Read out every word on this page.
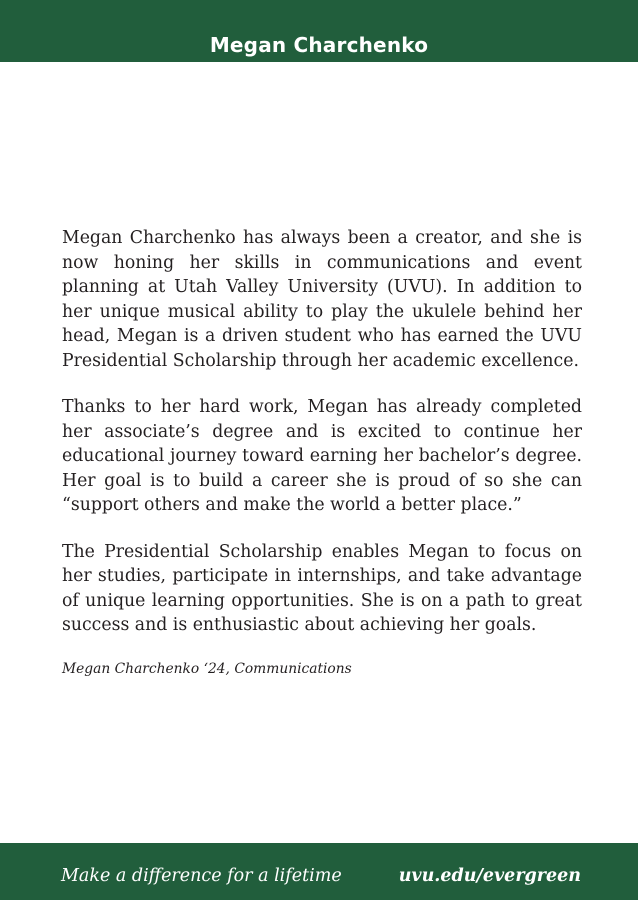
Megan Charchenko

Megan Charchenko has always been a creator, and she is now honing her skills in communications and event planning at Utah Valley University (UVU). In addition to her unique musical ability to play the ukulele behind her head, Megan is a driven student who has earned the UVU Presidential Scholarship through her academic excellence.

Thanks to her hard work, Megan has already completed her associate’s degree and is excited to continue her educational journey toward earning her bachelor’s degree. Her goal is to build a career she is proud of so she can “support others and make the world a better place.”

The Presidential Scholarship enables Megan to focus on her studies, participate in internships, and take advantage of unique learning opportunities. She is on a path to great success and is enthusiastic about achieving her goals.

Megan Charchenko ‘24, Communications

Make a difference for a lifetime	uvu.edu/evergreen
